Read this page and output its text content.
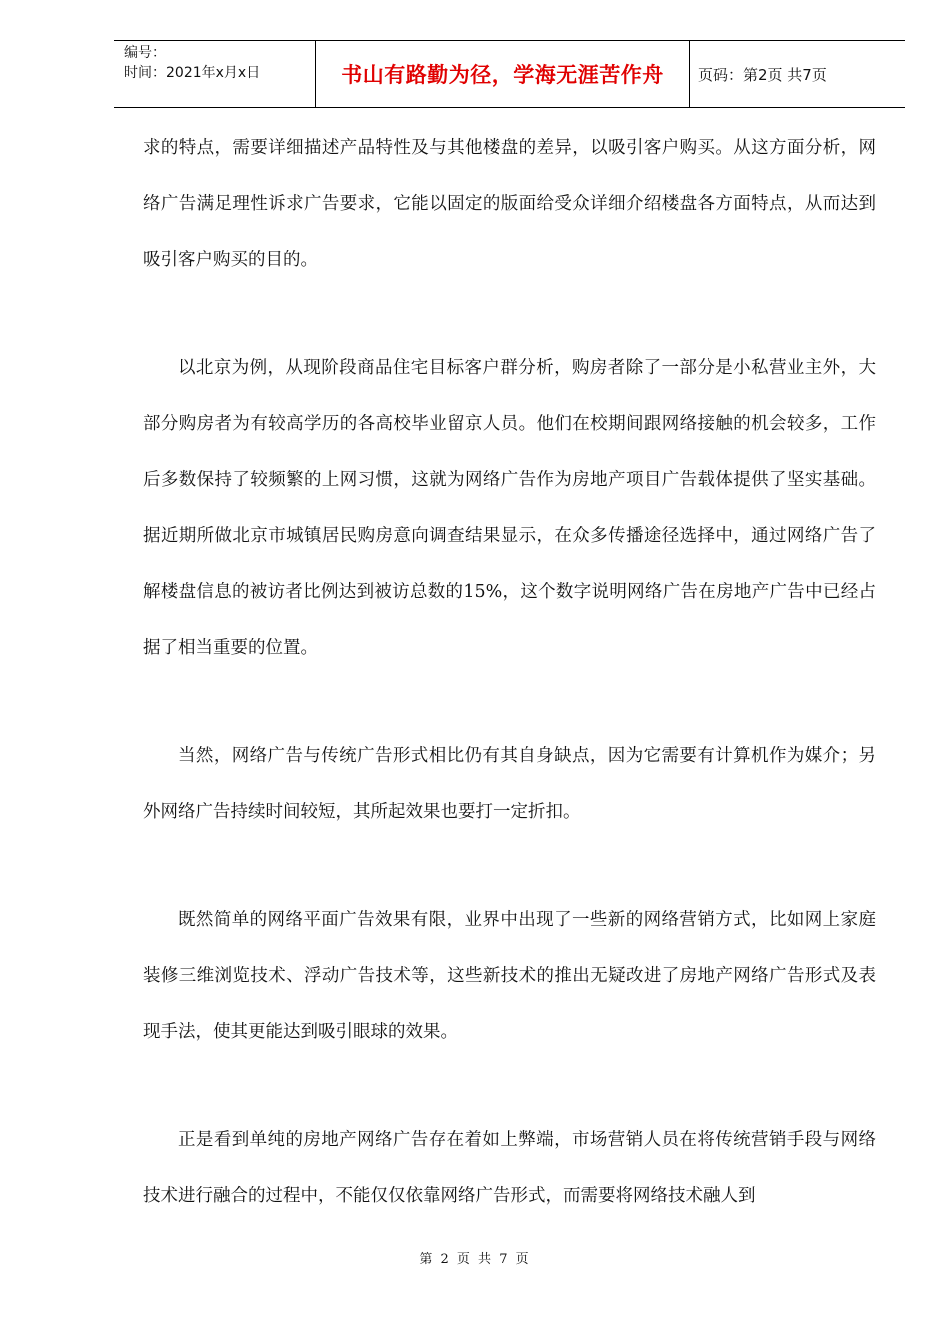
编号：
时间：2021年x月x日	书山有路勤为径，学海无涯苦作舟	页码：第2页 共7页

求的特点，需要详细描述产品特性及与其他楼盘的差异，以吸引客户购买。从这方面分析，网络广告满足理性诉求广告要求，它能以固定的版面给受众详细介绍楼盘各方面特点，从而达到吸引客户购买的目的。

以北京为例，从现阶段商品住宅目标客户群分析，购房者除了一部分是小私营业主外，大部分购房者为有较高学历的各高校毕业留京人员。他们在校期间跟网络接触的机会较多，工作后多数保持了较频繁的上网习惯，这就为网络广告作为房地产项目广告载体提供了坚实基础。据近期所做北京市城镇居民购房意向调查结果显示，在众多传播途径选择中，通过网络广告了解楼盘信息的被访者比例达到被访总数的15%，这个数字说明网络广告在房地产广告中已经占据了相当重要的位置。

当然，网络广告与传统广告形式相比仍有其自身缺点，因为它需要有计算机作为媒介；另外网络广告持续时间较短，其所起效果也要打一定折扣。

既然简单的网络平面广告效果有限，业界中出现了一些新的网络营销方式，比如网上家庭装修三维浏览技术、浮动广告技术等，这些新技术的推出无疑改进了房地产网络广告形式及表现手法，使其更能达到吸引眼球的效果。

正是看到单纯的房地产网络广告存在着如上弊端，市场营销人员在将传统营销手段与网络技术进行融合的过程中，不能仅仅依靠网络广告形式，而需要将网络技术融人到

第 2 页 共 7 页
